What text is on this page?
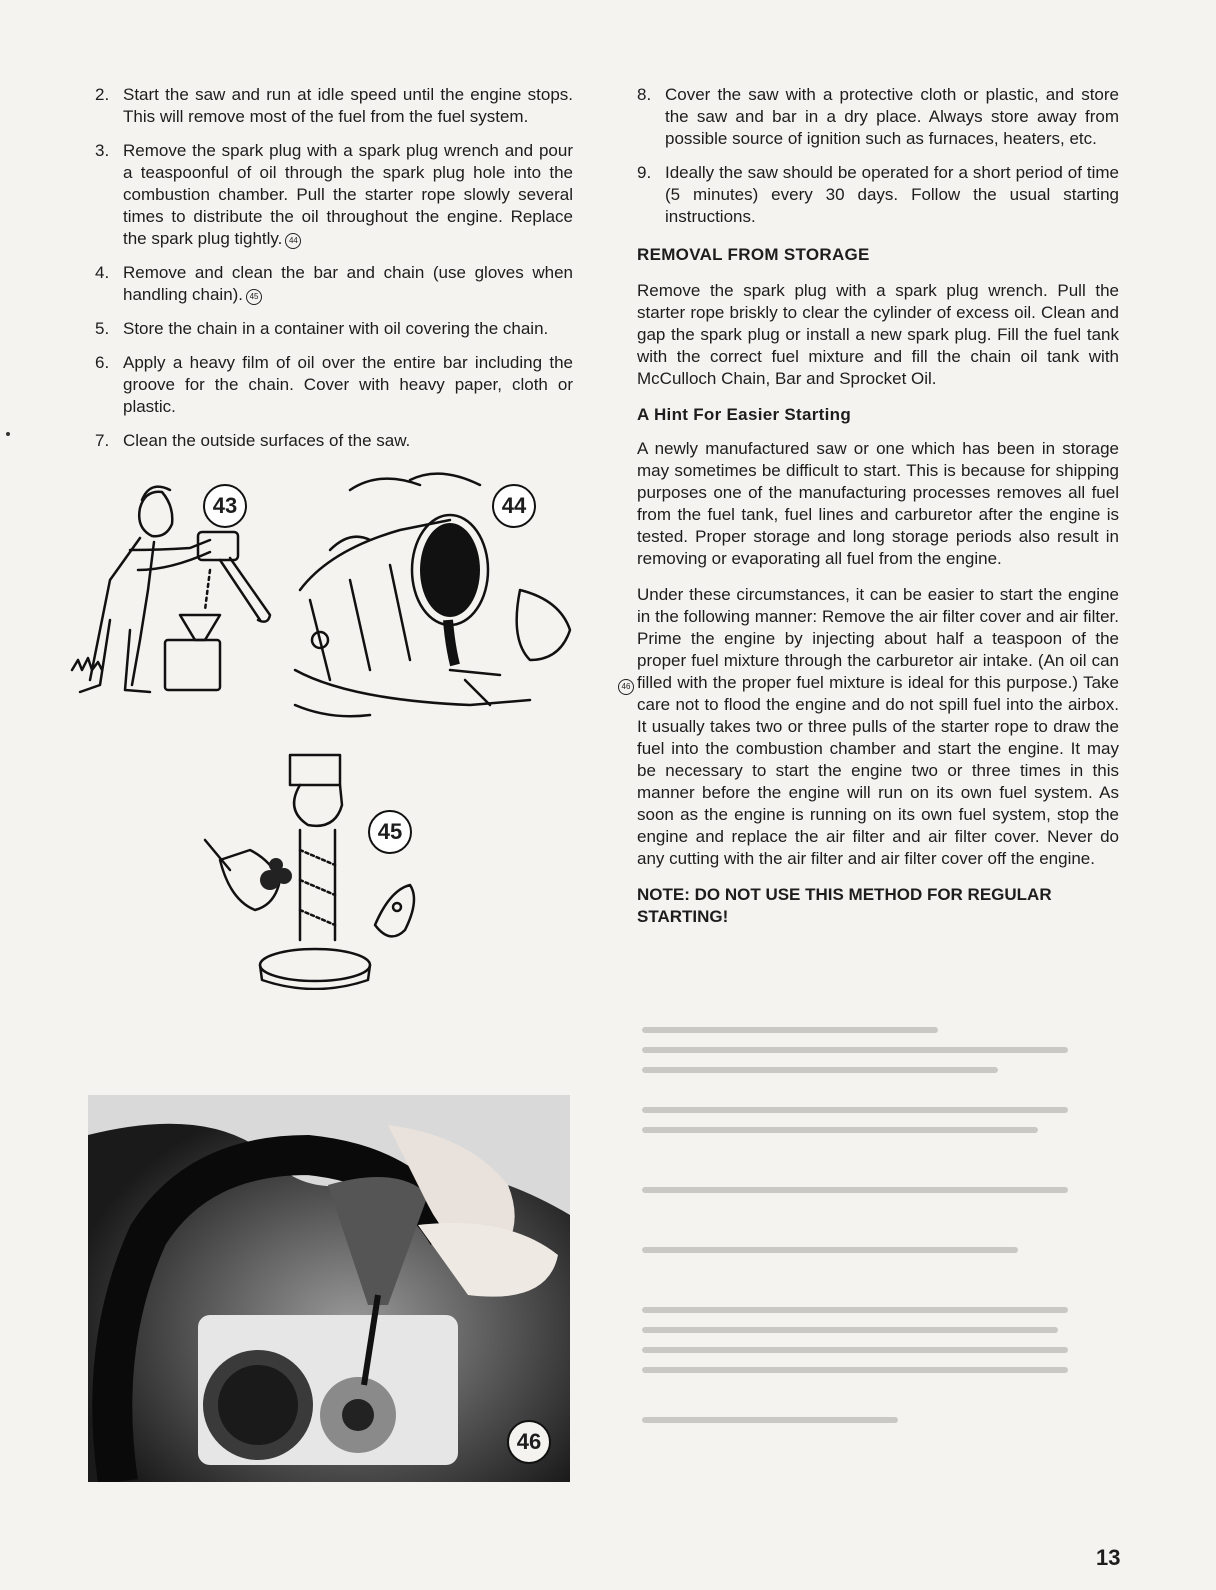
2. Start the saw and run at idle speed until the engine stops. This will remove most of the fuel from the fuel system.
3. Remove the spark plug with a spark plug wrench and pour a teaspoonful of oil through the spark plug hole into the combustion chamber. Pull the starter rope slowly several times to distribute the oil throughout the engine. Replace the spark plug tightly. 44
4. Remove and clean the bar and chain (use gloves when handling chain). 45
5. Store the chain in a container with oil covering the chain.
6. Apply a heavy film of oil over the entire bar including the groove for the chain. Cover with heavy paper, cloth or plastic.
7. Clean the outside surfaces of the saw.
8. Cover the saw with a protective cloth or plastic, and store the saw and bar in a dry place. Always store away from possible source of ignition such as furnaces, heaters, etc.
9. Ideally the saw should be operated for a short period of time (5 minutes) every 30 days. Follow the usual starting instructions.
REMOVAL FROM STORAGE

Remove the spark plug with a spark plug wrench. Pull the starter rope briskly to clear the cylinder of excess oil. Clean and gap the spark plug or install a new spark plug. Fill the fuel tank with the correct fuel mixture and fill the chain oil tank with McCulloch Chain, Bar and Sprocket Oil.

A Hint For Easier Starting

A newly manufactured saw or one which has been in storage may sometimes be difficult to start. This is because for shipping purposes one of the manufacturing processes removes all fuel from the fuel tank, fuel lines and carburetor after the engine is tested. Proper storage and long storage periods also result in removing or evaporating all fuel from the engine.

Under these circumstances, it can be easier to start the engine in the following manner: Remove the air filter cover and air filter. Prime the engine by injecting about half a teaspoon of the proper fuel mixture through the carburetor air intake. (An oil can filled with the proper fuel mixture is ideal for this purpose.) Take care not to flood the engine and do not spill fuel into the airbox. It usually takes two or three pulls of the starter rope to draw the fuel into the combustion chamber and start the engine. It may be necessary to start the engine two or three times in this manner before the engine will run on its own fuel system. As soon as the engine is running on its own fuel system, stop the engine and replace the air filter and air filter cover. Never do any cutting with the air filter and air filter cover off the engine.

NOTE: DO NOT USE THIS METHOD FOR REGULAR STARTING!
46
43	44
45
46
13
